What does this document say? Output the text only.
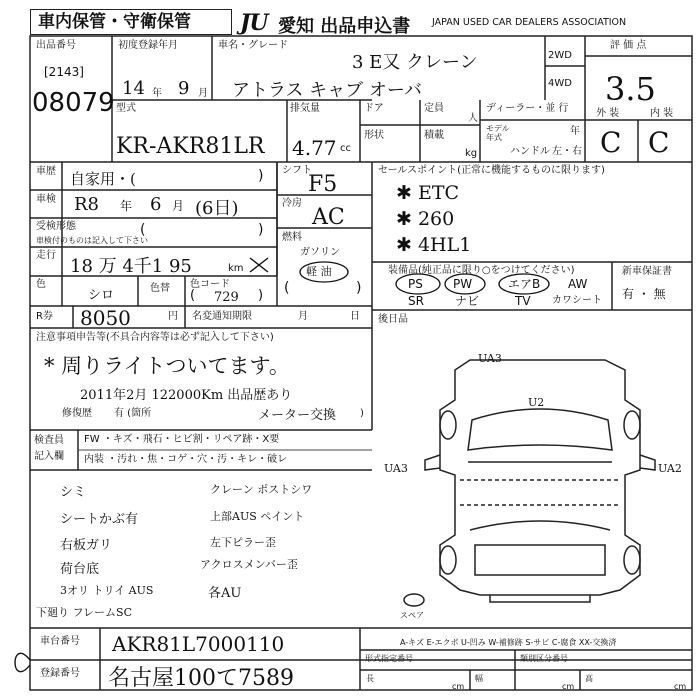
車内保管・守衛保管 JU 愛知 出品申込書 JAPAN USED CAR DEALERS ASSOCIATION
出品番号
[2143]
08079
初度登録年月
14 年 9 月
車名・グレード
3 E又 クレーン
アトラス キャブ オーバ
2WD
4WD
評 価 点
3.5
外 装	内 装
C C
型式
KR-AKR81LR
排気量
4.77 cc
ドア	定員
人
形状	積載
kg
ディーラー・並 行
モデル 年式
年
ハンドル 左・右
車歴 自家用・(	)
車検 R8 年 6 月 (6日)
受検形態
車検付のものは記入して下さい
(	)
走行
18 万 4千1 95	km
色
シロ	色替 色コード
( 729 )
シフト
F5
冷房
AC
燃料
ガソリン
軽 油
(	)
セールスポイント(正常に機能するものに限ります)
✱ ETC
✱ 260
✱ 4HL1
装備品(純正品に限り○をつけてください)
PS	PW	エアB AW
SR	ナビ	TV カワシート
新車保証書
有 ・ 無
後日品
R券 8050	円 名変通知期限	月	日
注意事項申告等(不具合内容等は必ず記入して下さい)
* 周りライトついてます。
2011年2月 122000Km 出品歴あり
修復歴 有 (箇所	メーター交換 )
検査員 記入欄
FW ・キズ・飛石・ヒビ割・リペア跡・X要
内装 ・汚れ・焦・コゲ・穴・汚・キレ・破レ
シミ	クレーン ポストシワ
シートかぶ有	上部AUS ペイント
右板ガリ	左下ピラー歪
荷台底	アクロスメンバー歪
3オリ トリイ AUS	各AU
下廻り フレームSC
UA3
U2
UA3	UA2
スペア
車台番号 AKR81L7000110
登録番号 名古屋100て7589
A-キズ E-エクボ U-凹み W-補修跡 S-サビ C-腐食 XX-交換済
形式指定番号	類別区分番号
長
cm
幅
cm
高
cm
